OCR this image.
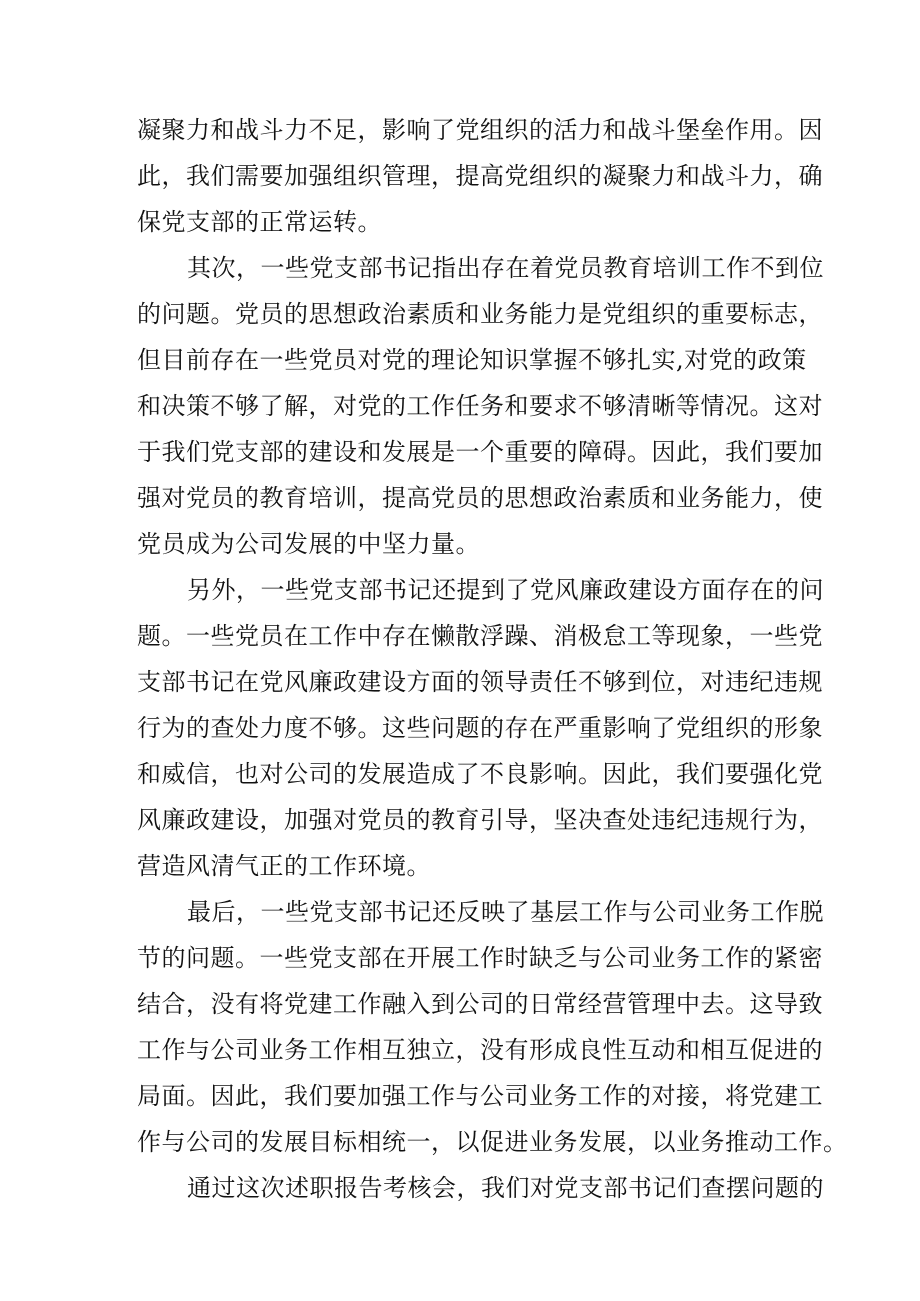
凝聚力和战斗力不足，影响了党组织的活力和战斗堡垒作用。因
此，我们需要加强组织管理，提高党组织的凝聚力和战斗力，确
保党支部的正常运转。
其次，一些党支部书记指出存在着党员教育培训工作不到位
的问题。党员的思想政治素质和业务能力是党组织的重要标志，
但目前存在一些党员对党的理论知识掌握不够扎实,对党的政策
和决策不够了解，对党的工作任务和要求不够清晰等情况。这对
于我们党支部的建设和发展是一个重要的障碍。因此，我们要加
强对党员的教育培训，提高党员的思想政治素质和业务能力，使
党员成为公司发展的中坚力量。
另外，一些党支部书记还提到了党风廉政建设方面存在的问
题。一些党员在工作中存在懒散浮躁、消极怠工等现象，一些党
支部书记在党风廉政建设方面的领导责任不够到位，对违纪违规
行为的查处力度不够。这些问题的存在严重影响了党组织的形象
和威信，也对公司的发展造成了不良影响。因此，我们要强化党
风廉政建设，加强对党员的教育引导，坚决查处违纪违规行为，
营造风清气正的工作环境。
最后，一些党支部书记还反映了基层工作与公司业务工作脱
节的问题。一些党支部在开展工作时缺乏与公司业务工作的紧密
结合，没有将党建工作融入到公司的日常经营管理中去。这导致
工作与公司业务工作相互独立，没有形成良性互动和相互促进的
局面。因此，我们要加强工作与公司业务工作的对接，将党建工
作与公司的发展目标相统一，以促进业务发展，以业务推动工作。
通过这次述职报告考核会，我们对党支部书记们查摆问题的
